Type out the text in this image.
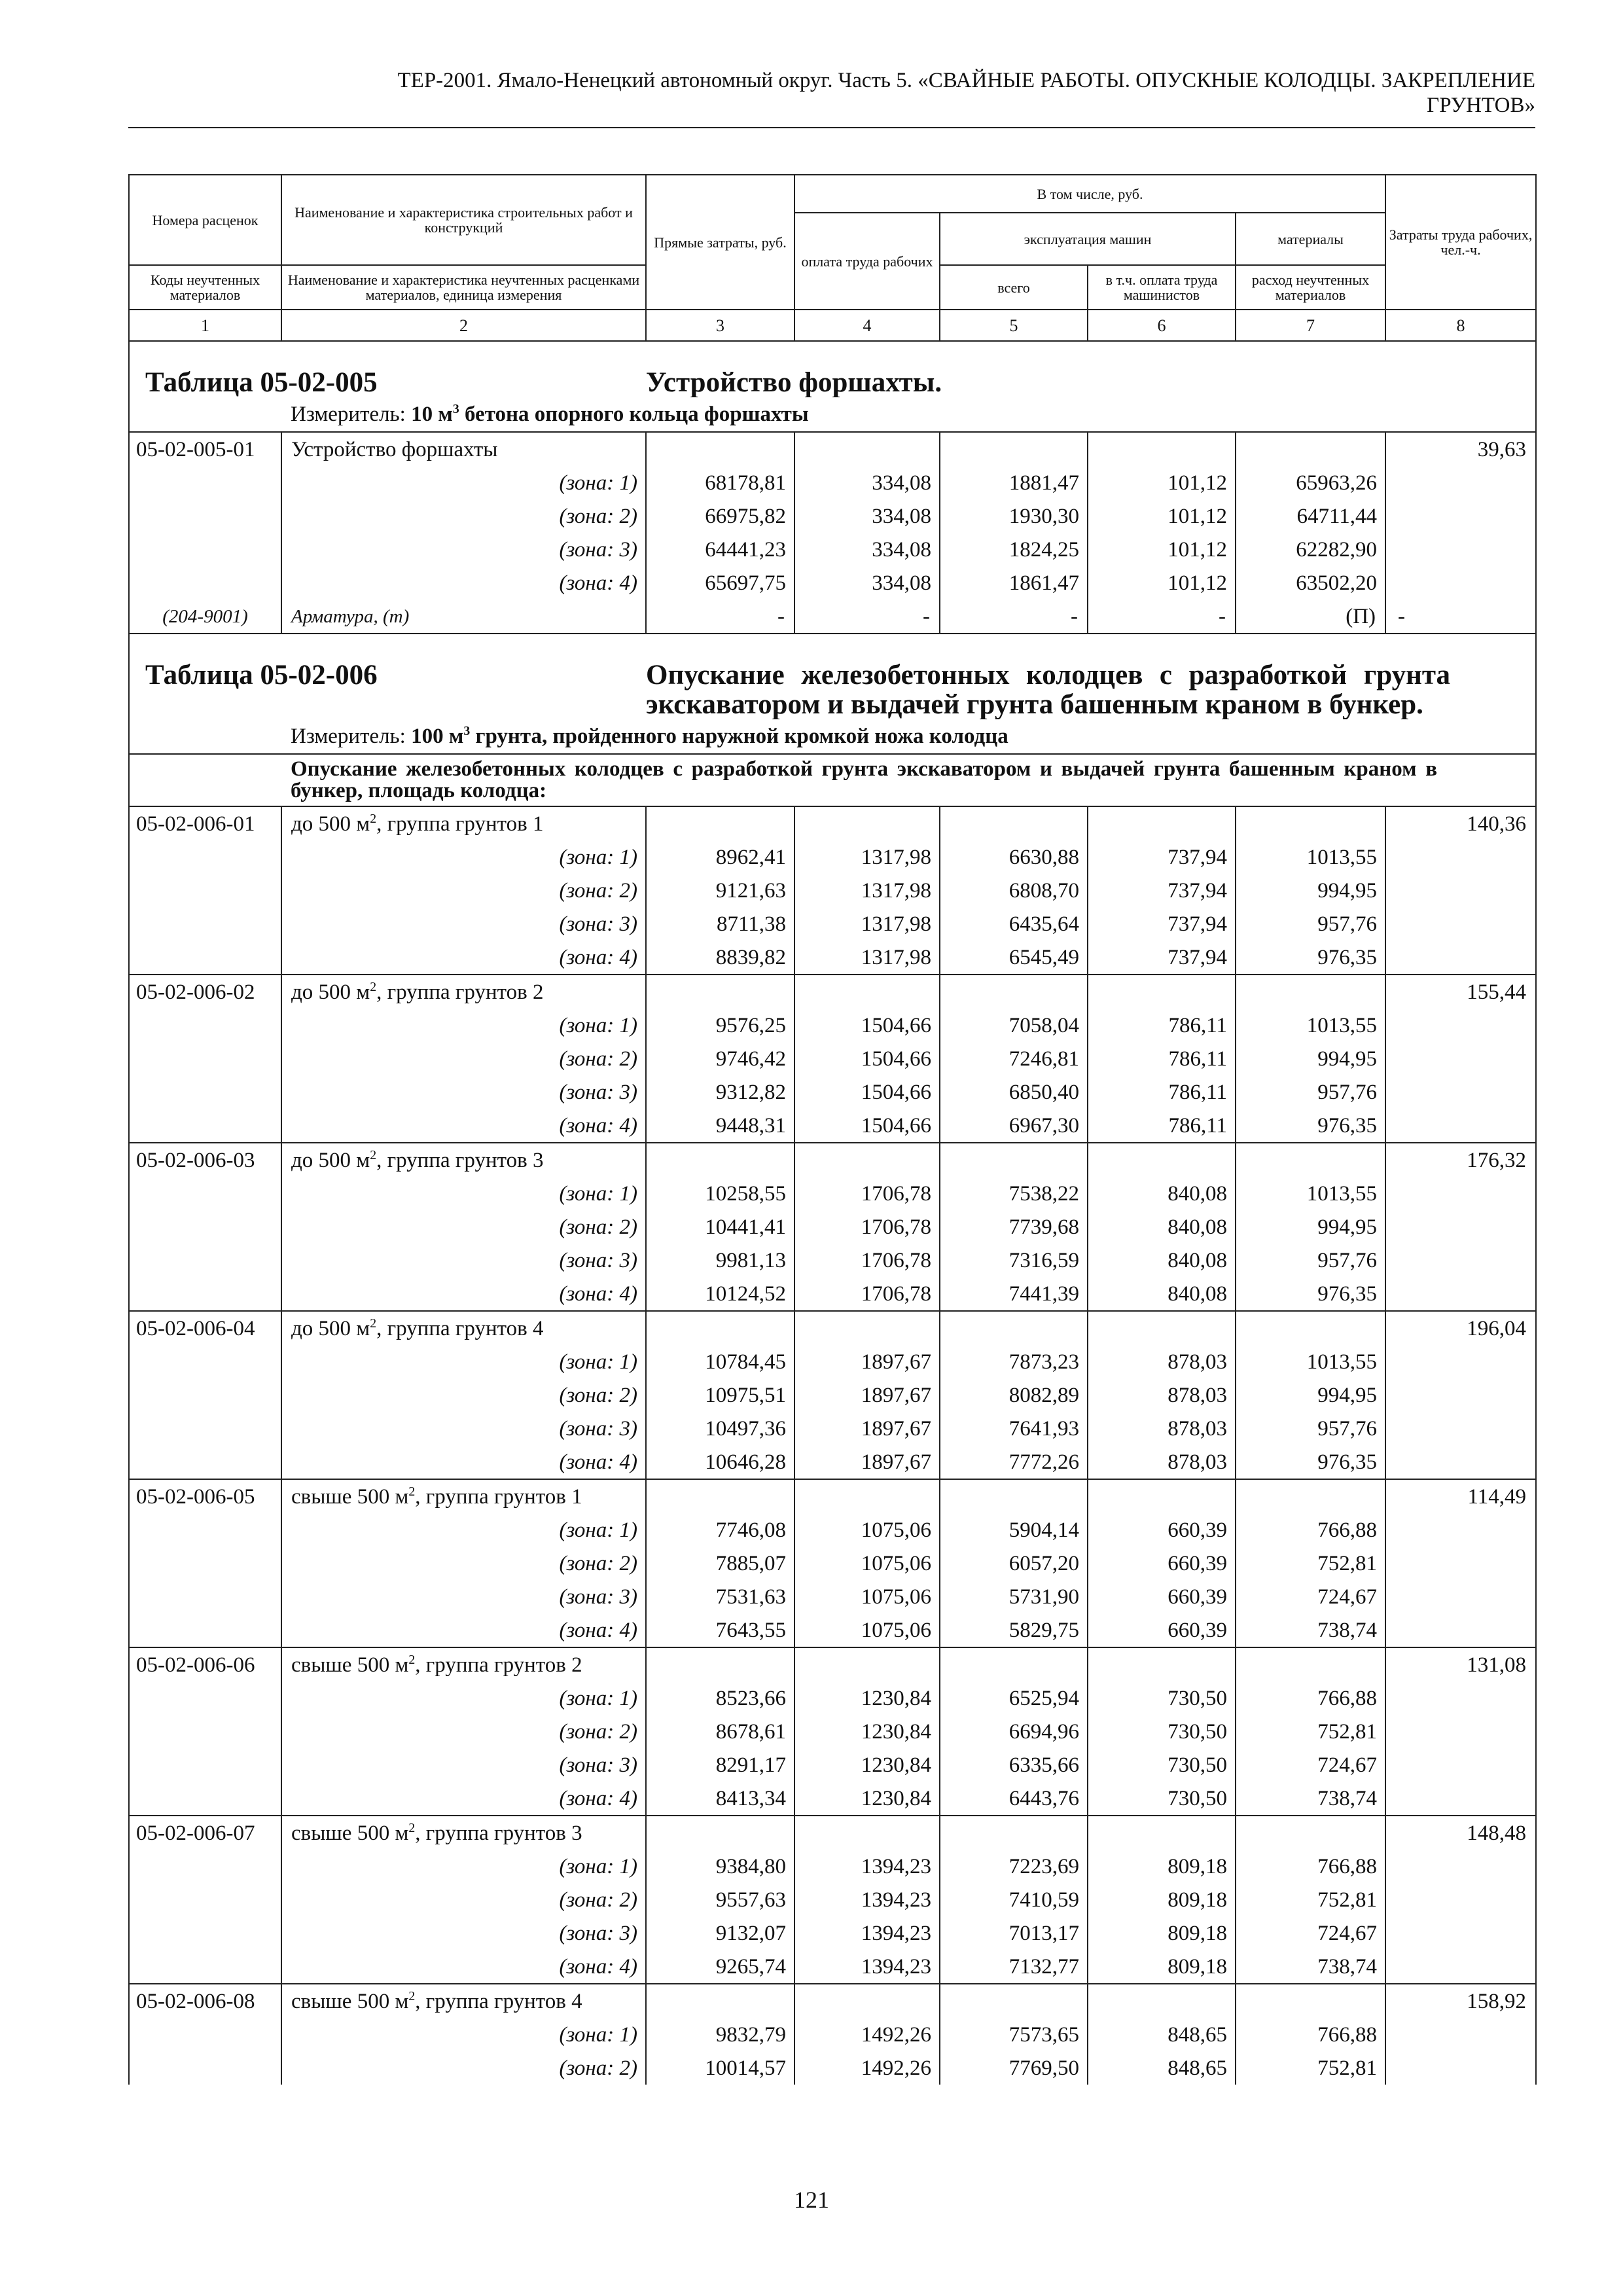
ТЕР-2001. Ямало-Ненецкий автономный округ. Часть 5. «СВАЙНЫЕ РАБОТЫ. ОПУСКНЫЕ КОЛОДЦЫ. ЗАКРЕПЛЕНИЕ
ГРУНТОВ»
Номера расценок	Наименование и характеристика строительных работ и конструкций	Прямые затраты, руб.	В том числе, руб.				Затраты труда рабочих, чел.-ч.
			оплата труда рабочих	эксплуатация машин		материалы	
Коды неучтенных материалов	Наименование и характеристика неучтенных расценками материалов, единица измерения			всего	в т.ч. оплата труда машинистов	расход неучтенных материалов	
1	2	3	4	5	6	7	8
Таблица 05-02-005		Устройство форшахты.					
	Измеритель: 10 $м^3$ бетона опорного кольца форшахты						
05-02-005-01	Устройство форшахты						39,63
	(зона: 1)	68178,81	334,08	1881,47	101,12	65963,26	
	(зона: 2)	66975,82	334,08	1930,30	101,12	64711,44	
	(зона: 3)	64441,23	334,08	1824,25	101,12	62282,90	
	(зона: 4)	65697,75	334,08	1861,47	101,12	63502,20	
(204-9001)	Арматура, (т)	-	-	-	-	(П)	-
Таблица 05-02-006		Опускание железобетонных колодцев с разработкой грунта экскаватором и выдачей грунта башенным краном в бункер.					
	Измеритель: 100 $м^3$ грунта, пройденного наружной кромкой ножа колодца						
	Опускание железобетонных колодцев с разработкой грунта экскаватором и выдачей грунта башенным краном в бункер, площадь колодца:						
05-02-006-01	до 500 $м^2$, группа грунтов 1						140,36
	(зона: 1)	8962,41	1317,98	6630,88	737,94	1013,55	
	(зона: 2)	9121,63	1317,98	6808,70	737,94	994,95	
	(зона: 3)	8711,38	1317,98	6435,64	737,94	957,76	
	(зона: 4)	8839,82	1317,98	6545,49	737,94	976,35	
05-02-006-02	до 500 $м^2$, группа грунтов 2						155,44
	(зона: 1)	9576,25	1504,66	7058,04	786,11	1013,55	
	(зона: 2)	9746,42	1504,66	7246,81	786,11	994,95	
	(зона: 3)	9312,82	1504,66	6850,40	786,11	957,76	
	(зона: 4)	9448,31	1504,66	6967,30	786,11	976,35	
05-02-006-03	до 500 $м^2$, группа грунтов 3						176,32
	(зона: 1)	10258,55	1706,78	7538,22	840,08	1013,55	
	(зона: 2)	10441,41	1706,78	7739,68	840,08	994,95	
	(зона: 3)	9981,13	1706,78	7316,59	840,08	957,76	
	(зона: 4)	10124,52	1706,78	7441,39	840,08	976,35	
05-02-006-04	до 500 $м^2$, группа грунтов 4						196,04
	(зона: 1)	10784,45	1897,67	7873,23	878,03	1013,55	
	(зона: 2)	10975,51	1897,67	8082,89	878,03	994,95	
	(зона: 3)	10497,36	1897,67	7641,93	878,03	957,76	
	(зона: 4)	10646,28	1897,67	7772,26	878,03	976,35	
05-02-006-05	свыше 500 $м^2$, группа грунтов 1						114,49
	(зона: 1)	7746,08	1075,06	5904,14	660,39	766,88	
	(зона: 2)	7885,07	1075,06	6057,20	660,39	752,81	
	(зона: 3)	7531,63	1075,06	5731,90	660,39	724,67	
	(зона: 4)	7643,55	1075,06	5829,75	660,39	738,74	
05-02-006-06	свыше 500 $м^2$, группа грунтов 2						131,08
	(зона: 1)	8523,66	1230,84	6525,94	730,50	766,88	
	(зона: 2)	8678,61	1230,84	6694,96	730,50	752,81	
	(зона: 3)	8291,17	1230,84	6335,66	730,50	724,67	
	(зона: 4)	8413,34	1230,84	6443,76	730,50	738,74	
05-02-006-07	свыше 500 $м^2$, группа грунтов 3						148,48
	(зона: 1)	9384,80	1394,23	7223,69	809,18	766,88	
	(зона: 2)	9557,63	1394,23	7410,59	809,18	752,81	
	(зона: 3)	9132,07	1394,23	7013,17	809,18	724,67	
	(зона: 4)	9265,74	1394,23	7132,77	809,18	738,74	
05-02-006-08	свыше 500 $м^2$, группа грунтов 4						158,92
	(зона: 1)	9832,79	1492,26	7573,65	848,65	766,88	
	(зона: 2)	10014,57	1492,26	7769,50	848,65	752,81	
121
